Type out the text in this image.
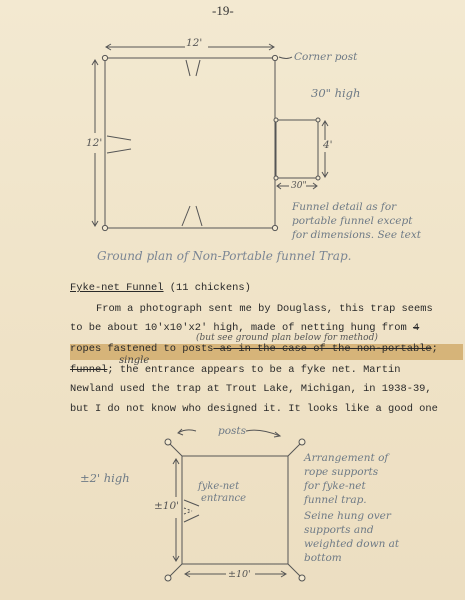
-19-
12'
12'
Corner post
30" high
4'
30"
Funnel detail as for
portable funnel except
for dimensions. See text
Ground plan of Non-Portable funnel Trap.
Fyke-net Funnel (11 chickens)
From a photograph sent me by Douglass, this trap seems
to be about 10'x10'x2' high, made of netting hung from 4
(but see ground plan below for method)
ropes fastened to posts as in the case of the non-portable;
single
funnel; the entrance appears to be a fyke net. Martin
Newland used the trap at Trout Lake, Michigan, in 1938-39,
but I do not know who designed it. It looks like a good one
posts
±2' high
fyke-net
entrance
±10'
±10'
Arrangement of
rope supports
for fyke-net
funnel trap.
Seine hung over
supports and
weighted down at
bottom
